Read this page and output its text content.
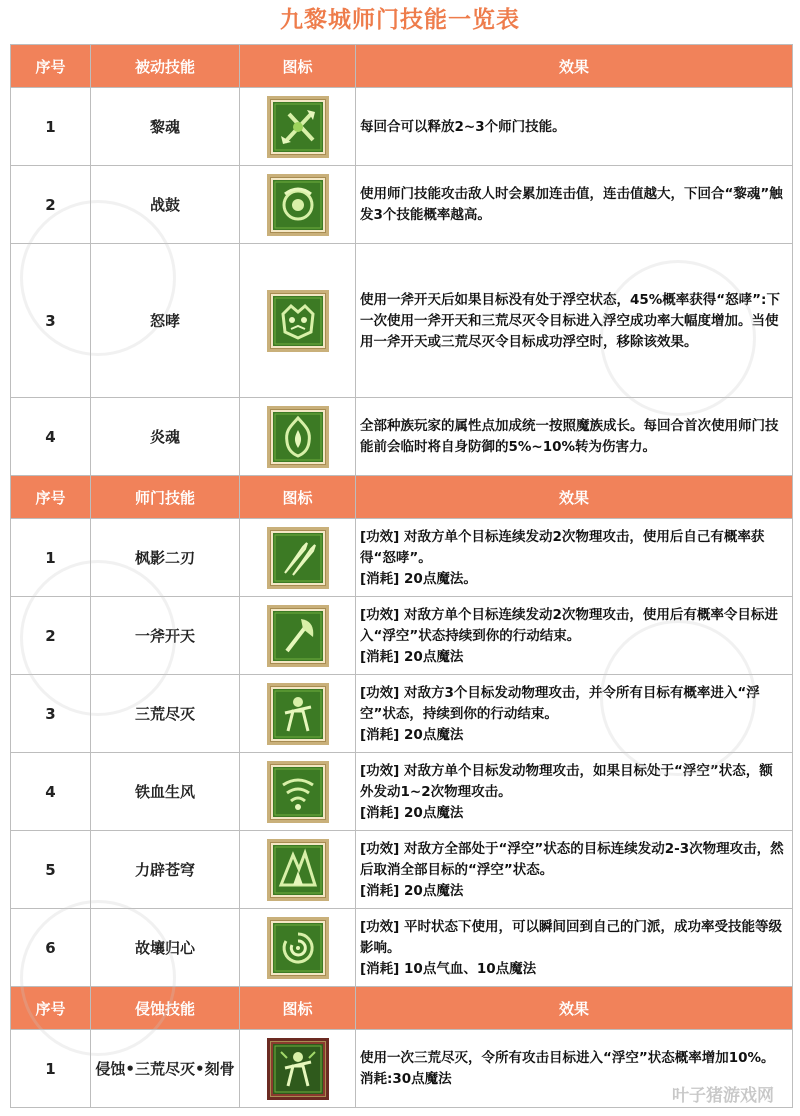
九黎城师门技能一览表
序号	被动技能	图标	效果
1	黎魂		每回合可以释放2~3个师门技能。

2	战鼓		使用师门技能攻击敌人时会累加连击值，连击值越大，下回合“黎魂”触发3个技能概率越高。

3	怒哮		使用一斧开天后如果目标没有处于浮空状态，45%概率获得“怒哮”:下一次使用一斧开天和三荒尽灭令目标进入浮空成功率大幅度增加。当使用一斧开天或三荒尽灭令目标成功浮空时，移除该效果。

4	炎魂		全部种族玩家的属性点加成统一按照魔族成长。每回合首次使用师门技能前会临时将自身防御的5%~10%转为伤害力。

序号	师门技能	图标	效果
1	枫影二刃		[功效] 对敌方单个目标连续发动2次物理攻击，使用后自己有概率获得“怒哮”。
[消耗] 20点魔法。

2	一斧开天		[功效] 对敌方单个目标连续发动2次物理攻击，使用后有概率令目标进入“浮空”状态持续到你的行动结束。
[消耗] 20点魔法

3	三荒尽灭		[功效] 对敌方3个目标发动物理攻击，并令所有目标有概率进入“浮空”状态，持续到你的行动结束。
[消耗] 20点魔法

4	铁血生风		[功效] 对敌方单个目标发动物理攻击，如果目标处于“浮空”状态，额外发动1~2次物理攻击。
[消耗] 20点魔法

5	力辟苍穹		[功效] 对敌方全部处于“浮空”状态的目标连续发动2-3次物理攻击，然后取消全部目标的“浮空”状态。
[消耗] 20点魔法

6	故壤归心		[功效] 平时状态下使用，可以瞬间回到自己的门派，成功率受技能等级影响。
[消耗] 10点气血、10点魔法

序号	侵蚀技能	图标	效果
1	侵蚀•三荒尽灭•刻骨		使用一次三荒尽灭，令所有攻击目标进入“浮空”状态概率增加10%。
消耗:30点魔法
叶子猪游戏网
